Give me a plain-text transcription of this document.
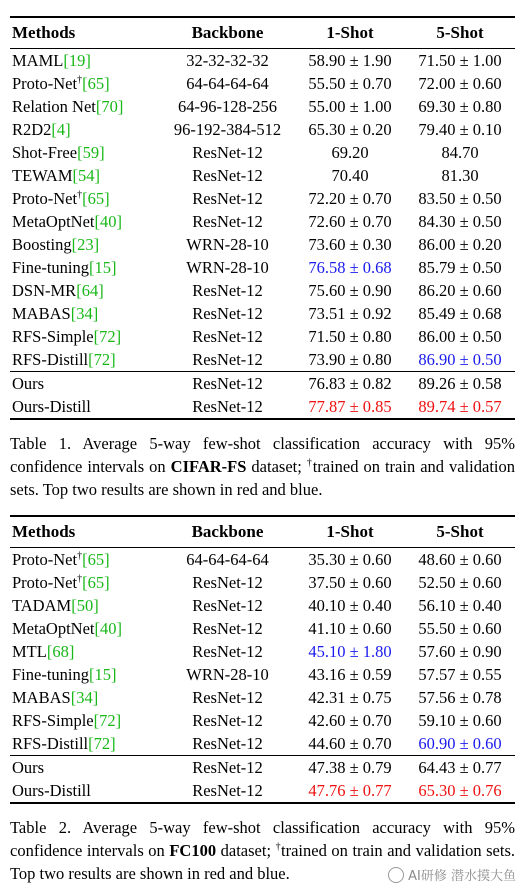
Methods	Backbone	1-Shot	5-Shot
MAML[19]	32-32-32-32	58.90 ± 1.90	71.50 ± 1.00
Proto-Net†[65]	64-64-64-64	55.50 ± 0.70	72.00 ± 0.60
Relation Net[70]	64-96-128-256	55.00 ± 1.00	69.30 ± 0.80
R2D2[4]	96-192-384-512	65.30 ± 0.20	79.40 ± 0.10
Shot-Free[59]	ResNet-12	69.20	84.70
TEWAM[54]	ResNet-12	70.40	81.30
Proto-Net†[65]	ResNet-12	72.20 ± 0.70	83.50 ± 0.50
MetaOptNet[40]	ResNet-12	72.60 ± 0.70	84.30 ± 0.50
Boosting[23]	WRN-28-10	73.60 ± 0.30	86.00 ± 0.20
Fine-tuning[15]	WRN-28-10	76.58 ± 0.68	85.79 ± 0.50
DSN-MR[64]	ResNet-12	75.60 ± 0.90	86.20 ± 0.60
MABAS[34]	ResNet-12	73.51 ± 0.92	85.49 ± 0.68
RFS-Simple[72]	ResNet-12	71.50 ± 0.80	86.00 ± 0.50
RFS-Distill[72]	ResNet-12	73.90 ± 0.80	86.90 ± 0.50
Ours	ResNet-12	76.83 ± 0.82	89.26 ± 0.58
Ours-Distill	ResNet-12	77.87 ± 0.85	89.74 ± 0.57
Table 1. Average 5-way few-shot classification accuracy with 95% confidence intervals on CIFAR-FS dataset; †trained on train and validation sets. Top two results are shown in red and blue.
Methods	Backbone	1-Shot	5-Shot
Proto-Net†[65]	64-64-64-64	35.30 ± 0.60	48.60 ± 0.60
Proto-Net†[65]	ResNet-12	37.50 ± 0.60	52.50 ± 0.60
TADAM[50]	ResNet-12	40.10 ± 0.40	56.10 ± 0.40
MetaOptNet[40]	ResNet-12	41.10 ± 0.60	55.50 ± 0.60
MTL[68]	ResNet-12	45.10 ± 1.80	57.60 ± 0.90
Fine-tuning[15]	WRN-28-10	43.16 ± 0.59	57.57 ± 0.55
MABAS[34]	ResNet-12	42.31 ± 0.75	57.56 ± 0.78
RFS-Simple[72]	ResNet-12	42.60 ± 0.70	59.10 ± 0.60
RFS-Distill[72]	ResNet-12	44.60 ± 0.70	60.90 ± 0.60
Ours	ResNet-12	47.38 ± 0.79	64.43 ± 0.77
Ours-Distill	ResNet-12	47.76 ± 0.77	65.30 ± 0.76
Table 2. Average 5-way few-shot classification accuracy with 95% confidence intervals on FC100 dataset; †trained on train and validation sets. Top two results are shown in red and blue.	AI研修 潜水摸大鱼
